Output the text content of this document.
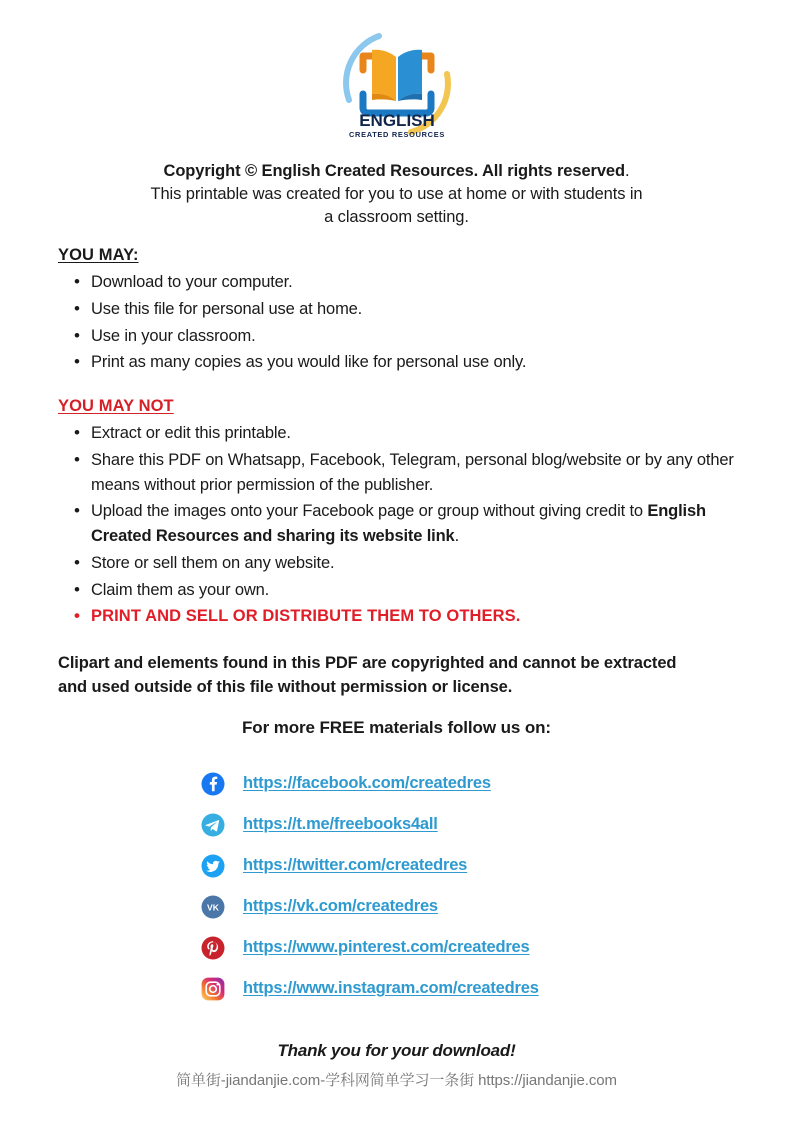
ENGLISH
CREATED RESOURCES
Copyright © English Created Resources. All rights reserved.
This printable was created for you to use at home or with students in a classroom setting.
YOU MAY:
• Download to your computer.
• Use this file for personal use at home.
• Use in your classroom.
• Print as many copies as you would like for personal use only.
YOU MAY NOT
• Extract or edit this printable.
• Share this PDF on Whatsapp, Facebook, Telegram, personal blog/website or by any other means without prior permission of the publisher.
• Upload the images onto your Facebook page or group without giving credit to English Created Resources and sharing its website link.
• Store or sell them on any website.
• Claim them as your own.
• PRINT AND SELL OR DISTRIBUTE THEM TO OTHERS.
Clipart and elements found in this PDF are copyrighted and cannot be extracted and used outside of this file without permission or license.
For more FREE materials follow us on:
https://facebook.com/createdres
https://t.me/freebooks4all
https://twitter.com/createdres
VK https://vk.com/createdres
https://www.pinterest.com/createdres
https://www.instagram.com/createdres
Thank you for your download!
简单街-jiandanjie.com-学科网简单学习一条街 https://jiandanjie.com
